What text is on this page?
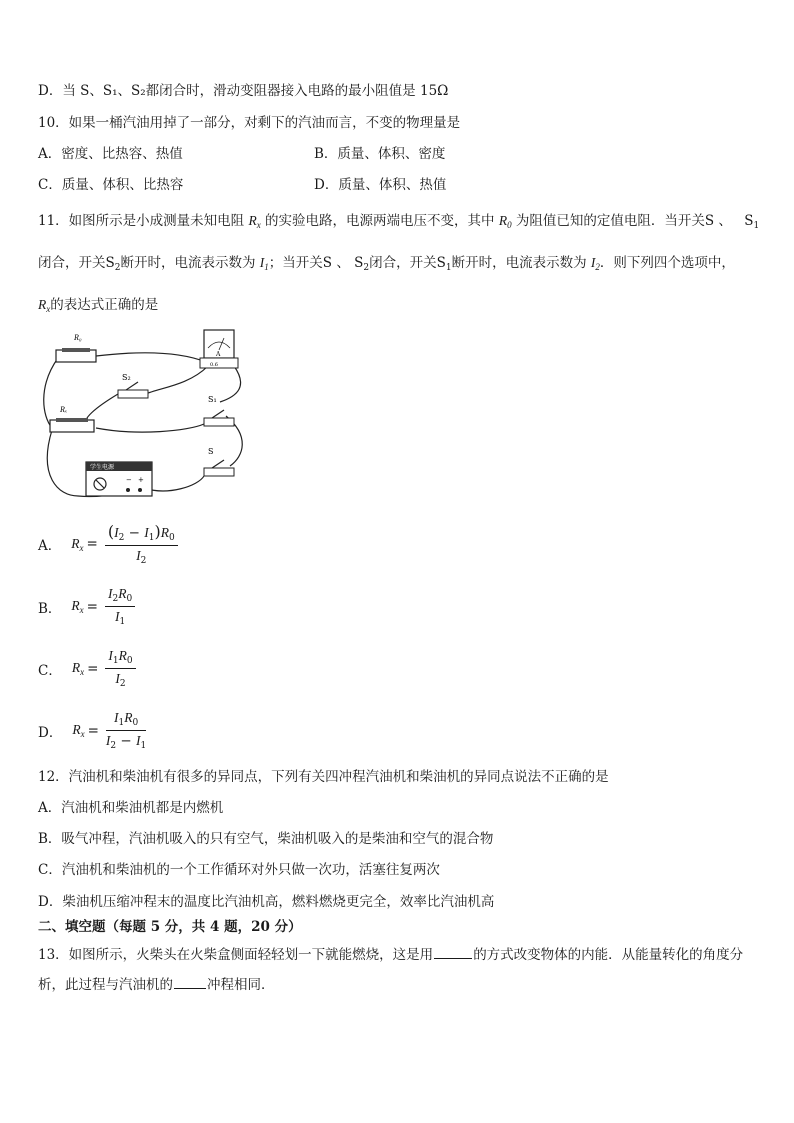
D．当 S、S₁、S₂都闭合时，滑动变阻器接入电路的最小阻值是 15Ω
10．如果一桶汽油用掉了一部分，对剩下的汽油而言，不变的物理量是
A．密度、比热容、热值	B．质量、体积、密度
C．质量、体积、比热容	D．质量、体积、热值
11．如图所示是小成测量未知电阻 $R_x$ 的实验电路，电源两端电压不变，其中 $R_0$ 为阻值已知的定值电阻．当开关S 、 $S_1$
闭合，开关$S_2$断开时，电流表示数为 $I_1$；当开关S 、 $S_2$闭合，开关$S_1$断开时，电流表示数为 $I_2$．则下列四个选项中，
$R_x$的表达式正确的是
R₀
Rₓ
A
0.6
S₂
S₁
S
学生电源
− +
A． $R_x = \frac{(I_2 - I_1)R_0}{I_2}$
B． $R_x = \frac{I_2R_0}{I_1}$
C． $R_x = \frac{I_1R_0}{I_2}$
D． $R_x = \frac{I_1R_0}{I_2 - I_1}$
12．汽油机和柴油机有很多的异同点，下列有关四冲程汽油机和柴油机的异同点说法不正确的是
A．汽油机和柴油机都是内燃机
B．吸气冲程，汽油机吸入的只有空气，柴油机吸入的是柴油和空气的混合物
C．汽油机和柴油机的一个工作循环对外只做一次功，活塞往复两次
D．柴油机压缩冲程末的温度比汽油机高，燃料燃烧更完全，效率比汽油机高
二、填空题（每题 5 分，共 4 题，20 分）
13．如图所示，火柴头在火柴盒侧面轻轻划一下就能燃烧，这是用	的方式改变物体的内能．从能量转化的角度分
析，此过程与汽油机的	冲程相同．
